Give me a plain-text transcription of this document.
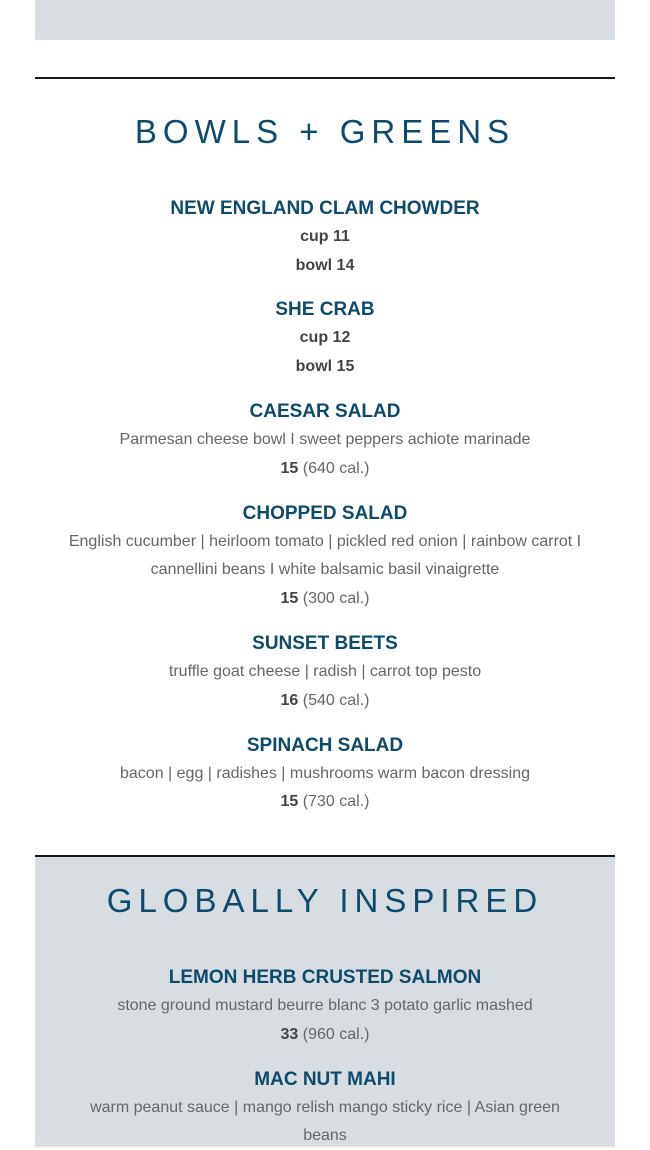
BOWLS + GREENS
NEW ENGLAND CLAM CHOWDER
cup 11
bowl 14
SHE CRAB
cup 12
bowl 15
CAESAR SALAD
Parmesan cheese bowl I sweet peppers achiote marinade
15 (640 cal.)
CHOPPED SALAD
English cucumber | heirloom tomato | pickled red onion | rainbow carrot I cannellini beans I white balsamic basil vinaigrette
15 (300 cal.)
SUNSET BEETS
truffle goat cheese | radish | carrot top pesto
16 (540 cal.)
SPINACH SALAD
bacon | egg | radishes | mushrooms warm bacon dressing
15 (730 cal.)
GLOBALLY INSPIRED
LEMON HERB CRUSTED SALMON
stone ground mustard beurre blanc 3 potato garlic mashed
33 (960 cal.)
MAC NUT MAHI
warm peanut sauce | mango relish mango sticky rice | Asian green beans
